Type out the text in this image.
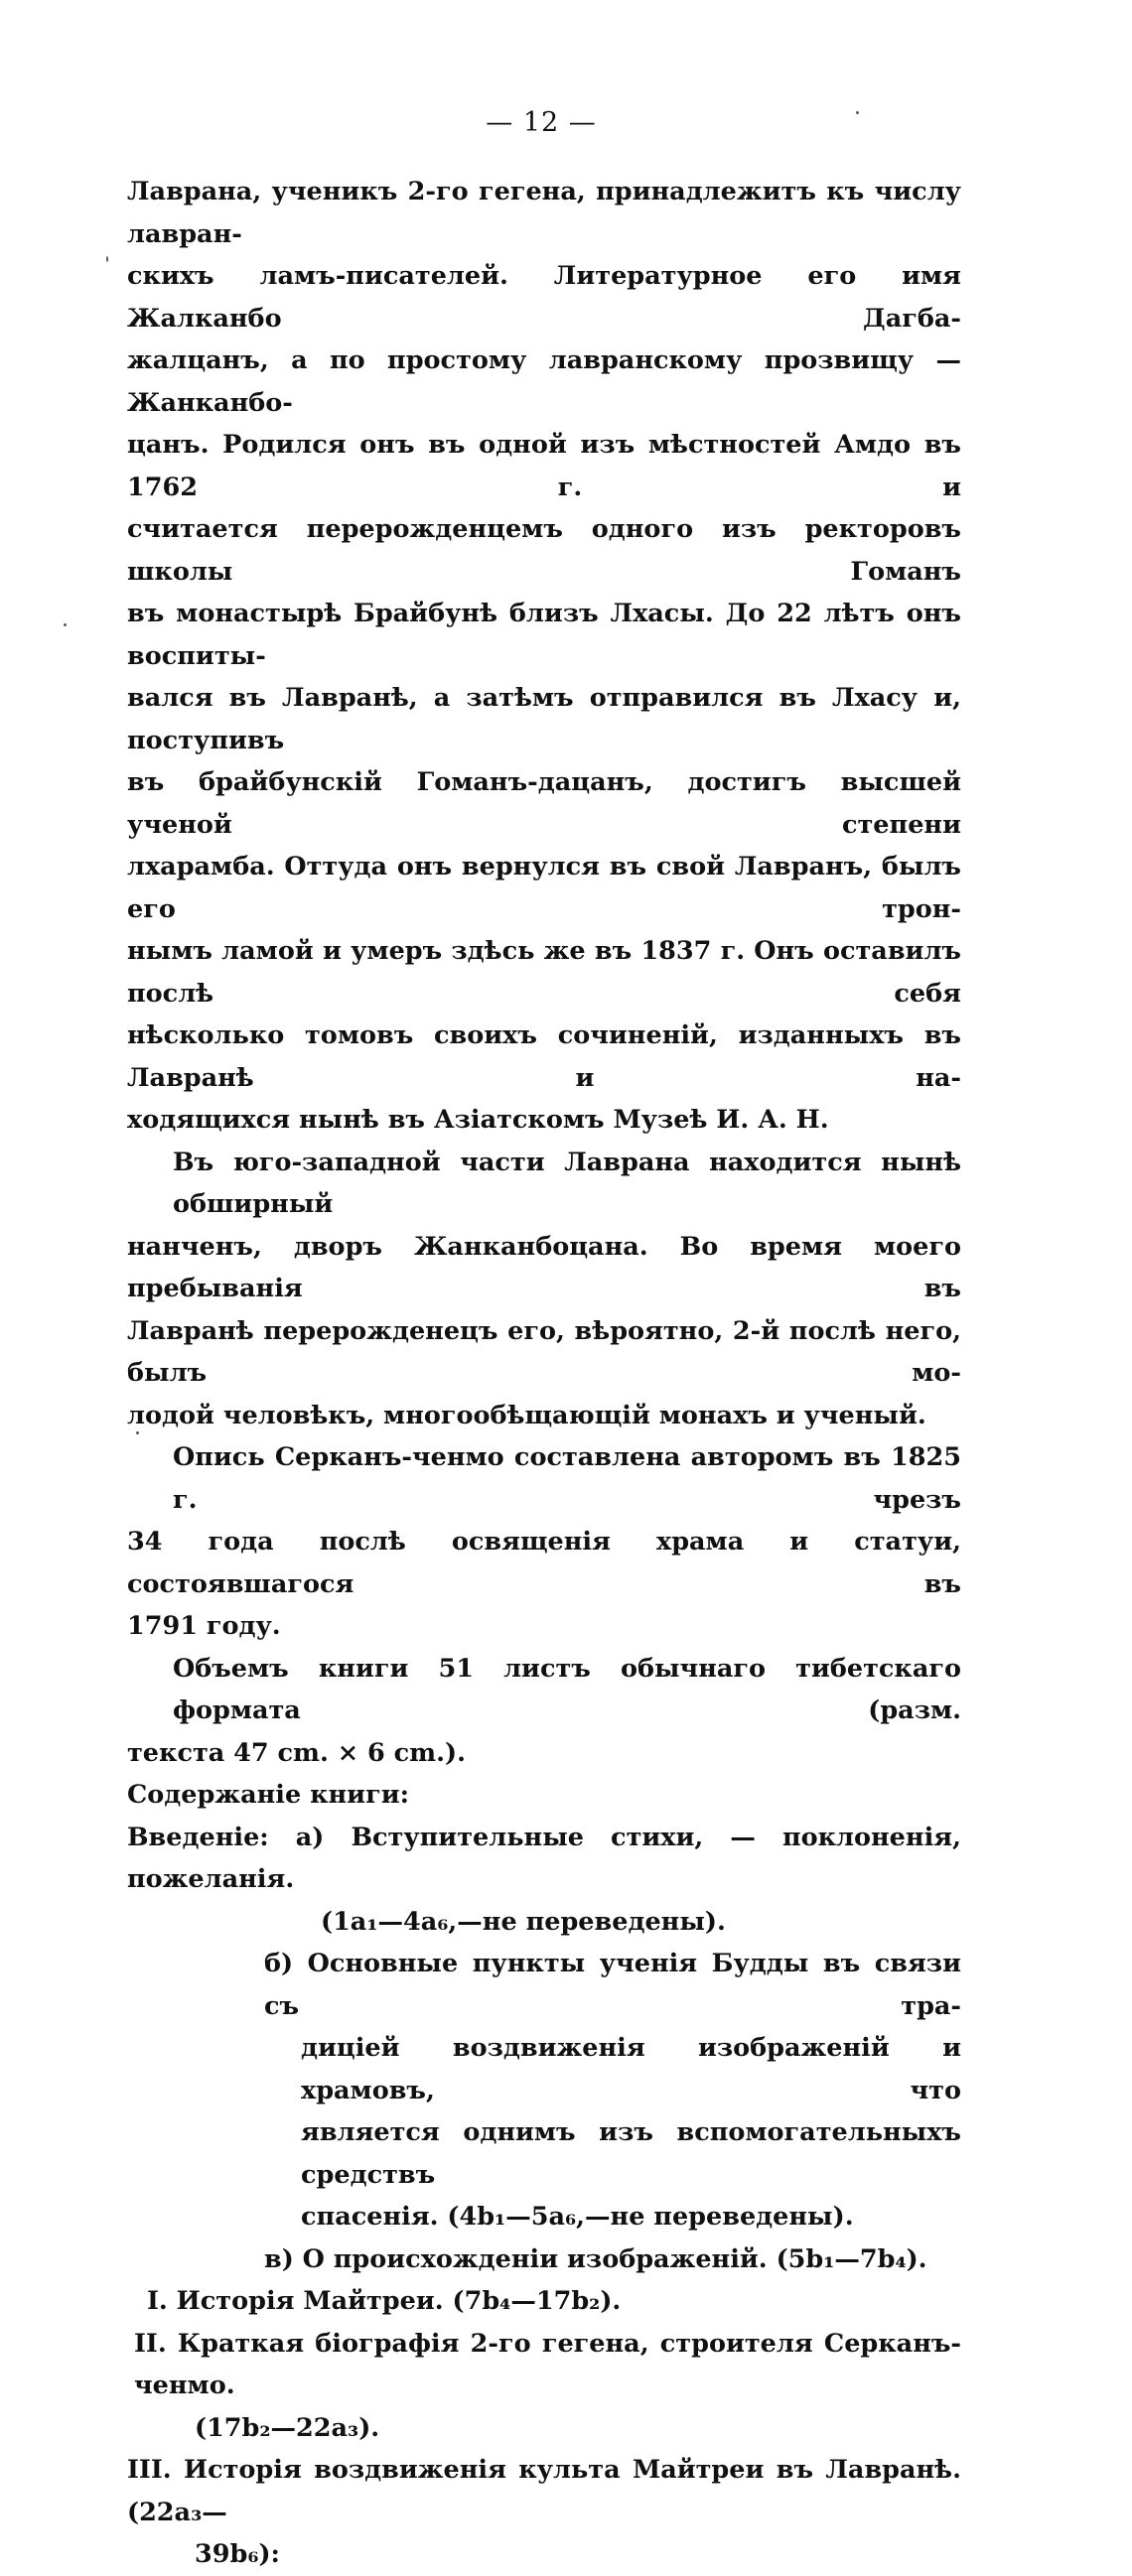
— 12 —
Лаврана, ученикъ 2-го гегена, принадлежитъ къ числу лавран-
скихъ ламъ-писателей. Литературное его имя Жалканбо Дагба-
жалцанъ, а по простому лавранскому прозвищу — Жанканбо-
цанъ. Родился онъ въ одной изъ мѣстностей Амдо въ 1762 г. и
считается перерожденцемъ одного изъ ректоровъ школы Гоманъ
въ монастырѣ Брайбунѣ близъ Лхасы. До 22 лѣтъ онъ воспиты-
вался въ Лавранѣ, а затѣмъ отправился въ Лхасу и, поступивъ
въ брайбунскій Гоманъ-дацанъ, достигъ высшей ученой степени
лхарамба. Оттуда онъ вернулся въ свой Лавранъ, былъ его трон-
нымъ ламой и умеръ здѣсь же въ 1837 г. Онъ оставилъ послѣ себя
нѣсколько томовъ своихъ сочиненій, изданныхъ въ Лавранѣ и на-
ходящихся нынѣ въ Азіатскомъ Музеѣ И. А. Н.
Въ юго-западной части Лаврана находится нынѣ обширный
нанченъ, дворъ Жанканбоцана. Во время моего пребыванія въ
Лавранѣ перерожденецъ его, вѣроятно, 2-й послѣ него, былъ мо-
лодой человѣкъ, многообѣщающій монахъ и ученый.
Опись Серканъ-ченмо составлена авторомъ въ 1825 г. чрезъ
34 года послѣ освященія храма и статуи, состоявшагося въ
1791 году.
Объемъ книги 51 листъ обычнаго тибетскаго формата (разм.
текста 47 cm. × 6 cm.).
Содержаніе книги:
Введеніе: а) Вступительные стихи, — поклоненія, пожеланія.
(1a₁—4a₆,—не переведены).
б) Основные пункты ученія Будды въ связи съ тра-
диціей воздвиженія изображеній и храмовъ, что
является однимъ изъ вспомогательныхъ средствъ
спасенія. (4b₁—5a₆,—не переведены).
в) О происхожденіи изображеній. (5b₁—7b₄).
I. Исторія Майтреи. (7b₄—17b₂).
II. Краткая біографія 2-го гегена, строителя Серканъ-ченмо.
(17b₂—22a₃).
III. Исторія воздвиженія культа Майтреи въ Лавранѣ. (22a₃—
39b₆):
